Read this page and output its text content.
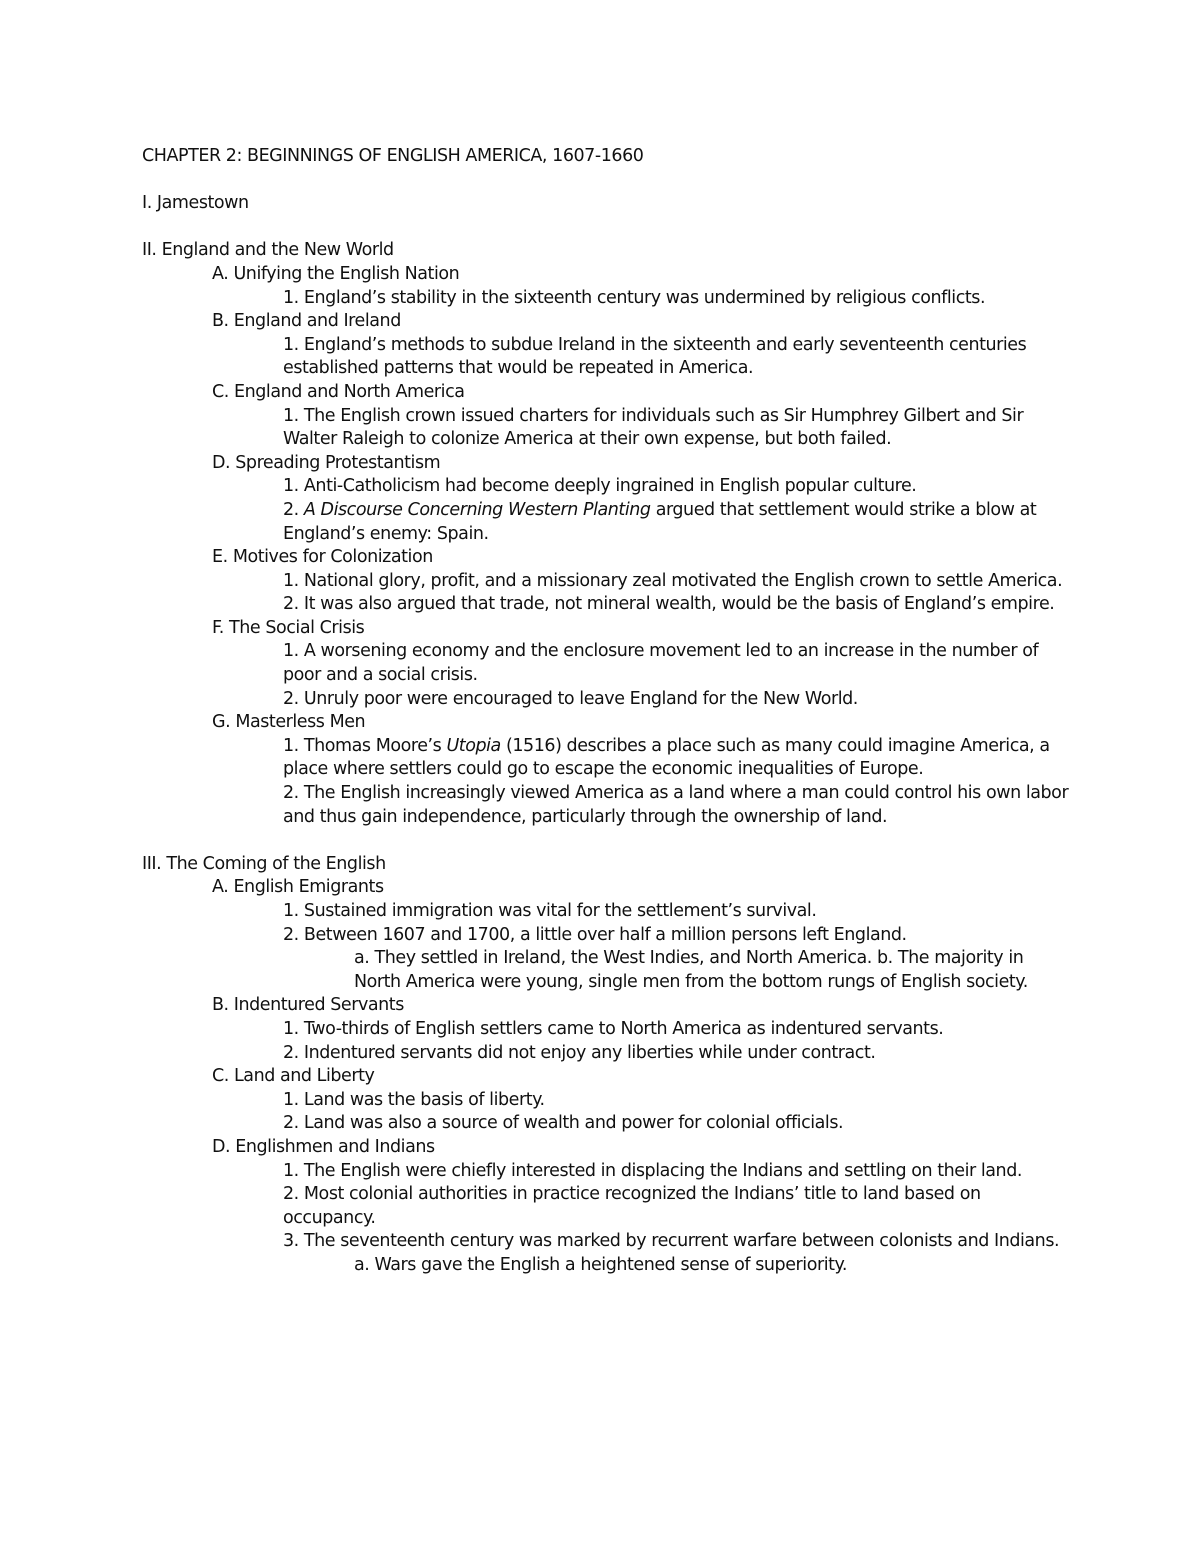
CHAPTER 2: BEGINNINGS OF ENGLISH AMERICA, 1607-1660
I. Jamestown
II. England and the New World
A. Unifying the English Nation
1. England’s stability in the sixteenth century was undermined by religious conflicts.
B. England and Ireland
1. England’s methods to subdue Ireland in the sixteenth and early seventeenth centuries established patterns that would be repeated in America.
C. England and North America
1. The English crown issued charters for individuals such as Sir Humphrey Gilbert and Sir Walter Raleigh to colonize America at their own expense, but both failed.
D. Spreading Protestantism
1. Anti-Catholicism had become deeply ingrained in English popular culture.
2. A Discourse Concerning Western Planting argued that settlement would strike a blow at England’s enemy: Spain.
E. Motives for Colonization
1. National glory, profit, and a missionary zeal motivated the English crown to settle America.
2. It was also argued that trade, not mineral wealth, would be the basis of England’s empire.
F. The Social Crisis
1. A worsening economy and the enclosure movement led to an increase in the number of poor and a social crisis.
2. Unruly poor were encouraged to leave England for the New World.
G. Masterless Men
1. Thomas Moore’s Utopia (1516) describes a place such as many could imagine America, a place where settlers could go to escape the economic inequalities of Europe.
2. The English increasingly viewed America as a land where a man could control his own labor and thus gain independence, particularly through the ownership of land.
III. The Coming of the English
A. English Emigrants
1. Sustained immigration was vital for the settlement’s survival.
2. Between 1607 and 1700, a little over half a million persons left England.
a. They settled in Ireland, the West Indies, and North America. b. The majority in North America were young, single men from the bottom rungs of English society.
B. Indentured Servants
1. Two-thirds of English settlers came to North America as indentured servants.
2. Indentured servants did not enjoy any liberties while under contract.
C. Land and Liberty
1. Land was the basis of liberty.
2. Land was also a source of wealth and power for colonial officials.
D. Englishmen and Indians
1. The English were chiefly interested in displacing the Indians and settling on their land.
2. Most colonial authorities in practice recognized the Indians’ title to land based on occupancy.
3. The seventeenth century was marked by recurrent warfare between colonists and Indians.
a. Wars gave the English a heightened sense of superiority.
